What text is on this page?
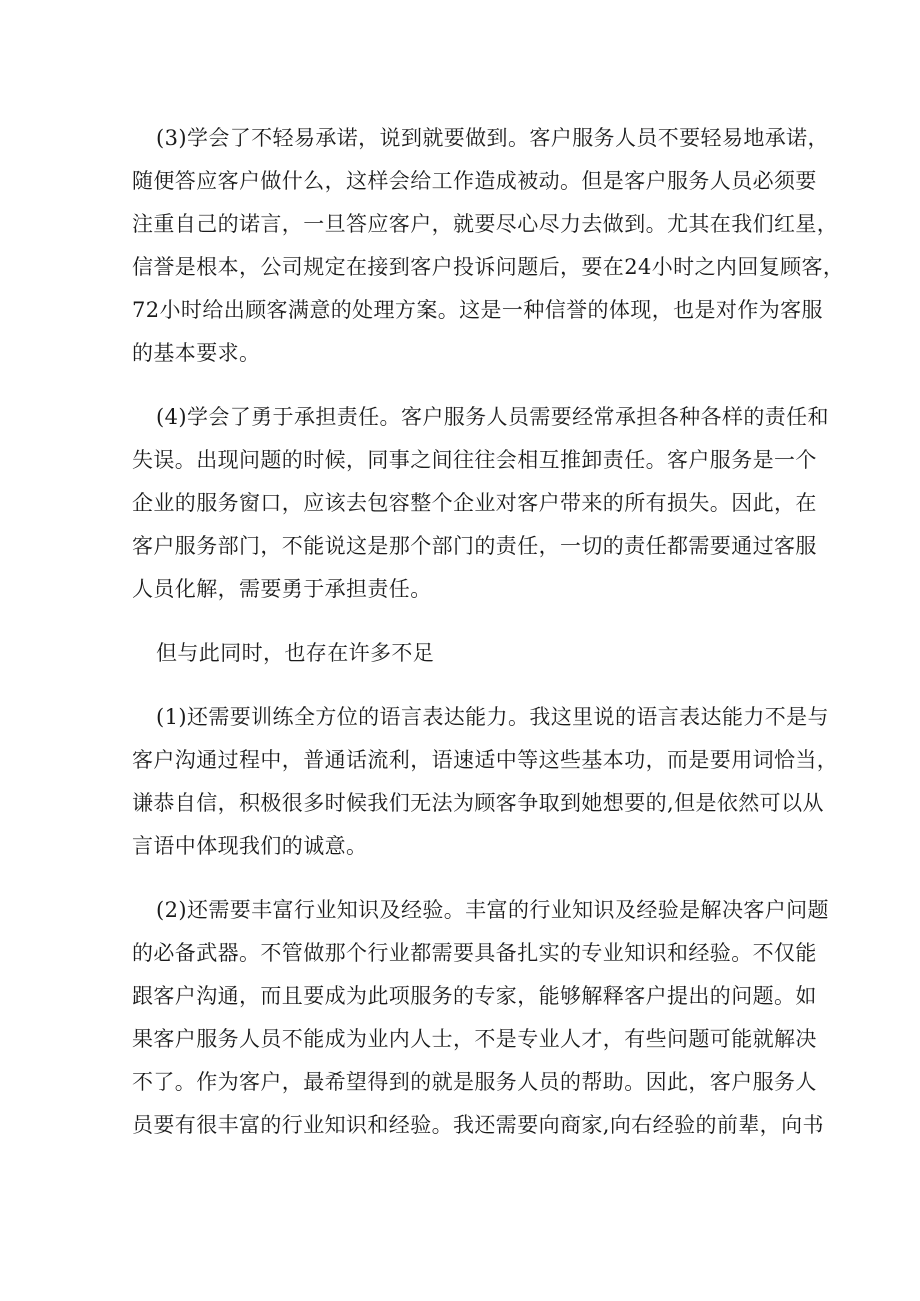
(3)学会了不轻易承诺，说到就要做到。客户服务人员不要轻易地承诺，
随便答应客户做什么，这样会给工作造成被动。但是客户服务人员必须要
注重自己的诺言，一旦答应客户，就要尽心尽力去做到。尤其在我们红星，
信誉是根本，公司规定在接到客户投诉问题后，要在24小时之内回复顾客，
72小时给出顾客满意的处理方案。这是一种信誉的体现，也是对作为客服
的基本要求。
(4)学会了勇于承担责任。客户服务人员需要经常承担各种各样的责任和
失误。出现问题的时候，同事之间往往会相互推卸责任。客户服务是一个
企业的服务窗口，应该去包容整个企业对客户带来的所有损失。因此，在
客户服务部门，不能说这是那个部门的责任，一切的责任都需要通过客服
人员化解，需要勇于承担责任。
但与此同时，也存在许多不足
(1)还需要训练全方位的语言表达能力。我这里说的语言表达能力不是与
客户沟通过程中，普通话流利，语速适中等这些基本功，而是要用词恰当，
谦恭自信，积极很多时候我们无法为顾客争取到她想要的,但是依然可以从
言语中体现我们的诚意。
(2)还需要丰富行业知识及经验。丰富的行业知识及经验是解决客户问题
的必备武器。不管做那个行业都需要具备扎实的专业知识和经验。不仅能
跟客户沟通，而且要成为此项服务的专家，能够解释客户提出的问题。如
果客户服务人员不能成为业内人士，不是专业人才，有些问题可能就解决
不了。作为客户，最希望得到的就是服务人员的帮助。因此，客户服务人
员要有很丰富的行业知识和经验。我还需要向商家,向右经验的前辈，向书
